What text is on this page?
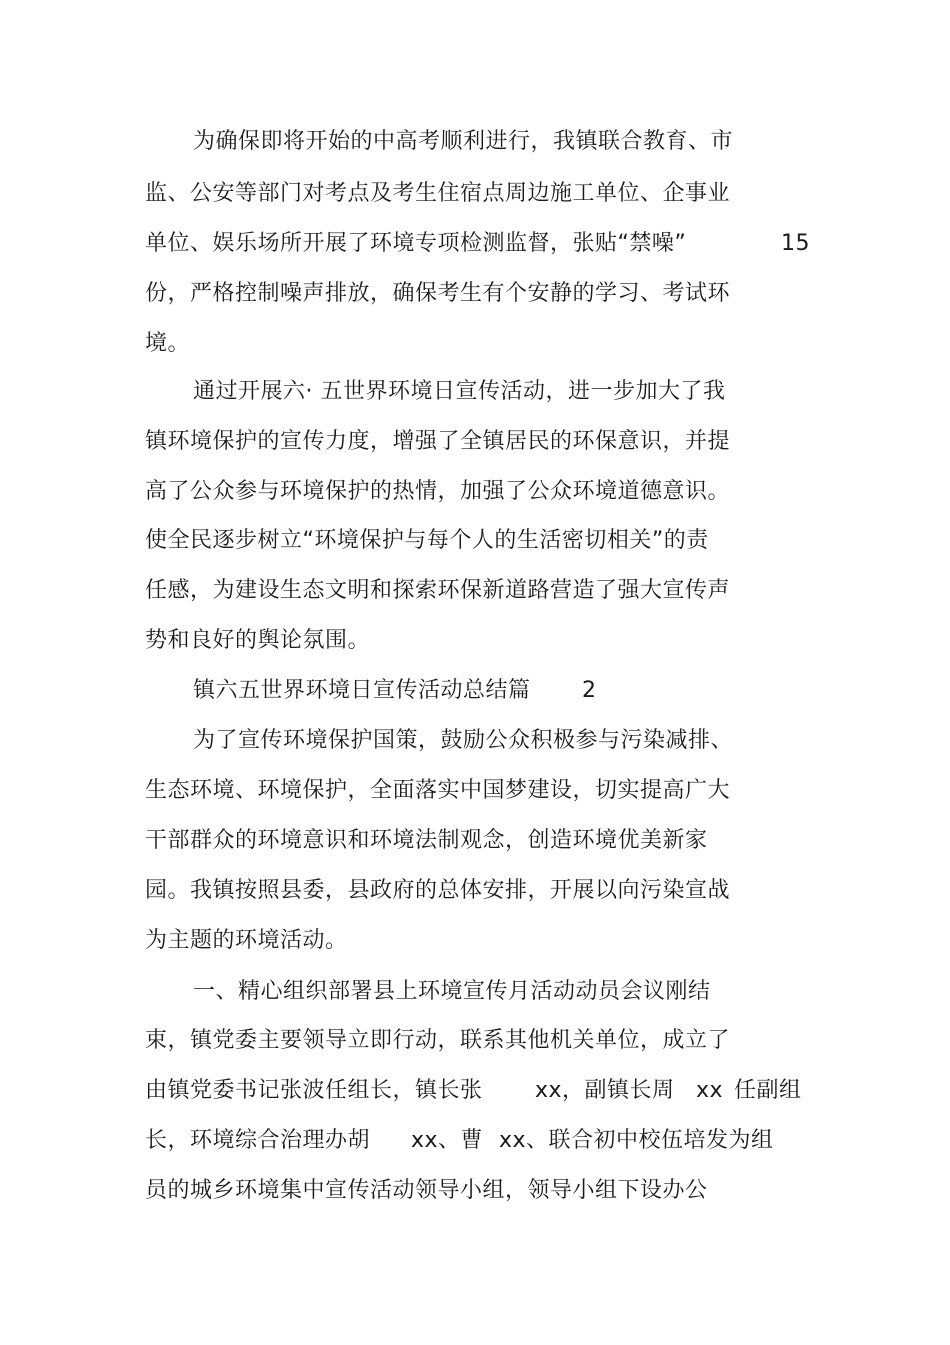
为确保即将开始的中高考顺利进行，我镇联合教育、市
监、公安等部门对考点及考生住宿点周边施工单位、企事业
单位、娱乐场所开展了环境专项检测监督，张贴“禁噪”	15
份，严格控制噪声排放，确保考生有个安静的学习、考试环
境。
通过开展六· 五世界环境日宣传活动，进一步加大了我
镇环境保护的宣传力度，增强了全镇居民的环保意识，并提
高了公众参与环境保护的热情，加强了公众环境道德意识。
使全民逐步树立“环境保护与每个人的生活密切相关”的责
任感，为建设生态文明和探索环保新道路营造了强大宣传声
势和良好的舆论氛围。
镇六五世界环境日宣传活动总结篇 2
为了宣传环境保护国策，鼓励公众积极参与污染减排、
生态环境、环境保护，全面落实中国梦建设，切实提高广大
干部群众的环境意识和环境法制观念，创造环境优美新家
园。我镇按照县委，县政府的总体安排，开展以向污染宣战
为主题的环境活动。
一、精心组织部署县上环境宣传月活动动员会议刚结
束，镇党委主要领导立即行动，联系其他机关单位，成立了
由镇党委书记张波任组长，镇长张 xx，副镇长周 xx 任副组
长，环境综合治理办胡 xx、曹 xx、联合初中校伍培发为组
员的城乡环境集中宣传活动领导小组，领导小组下设办公
